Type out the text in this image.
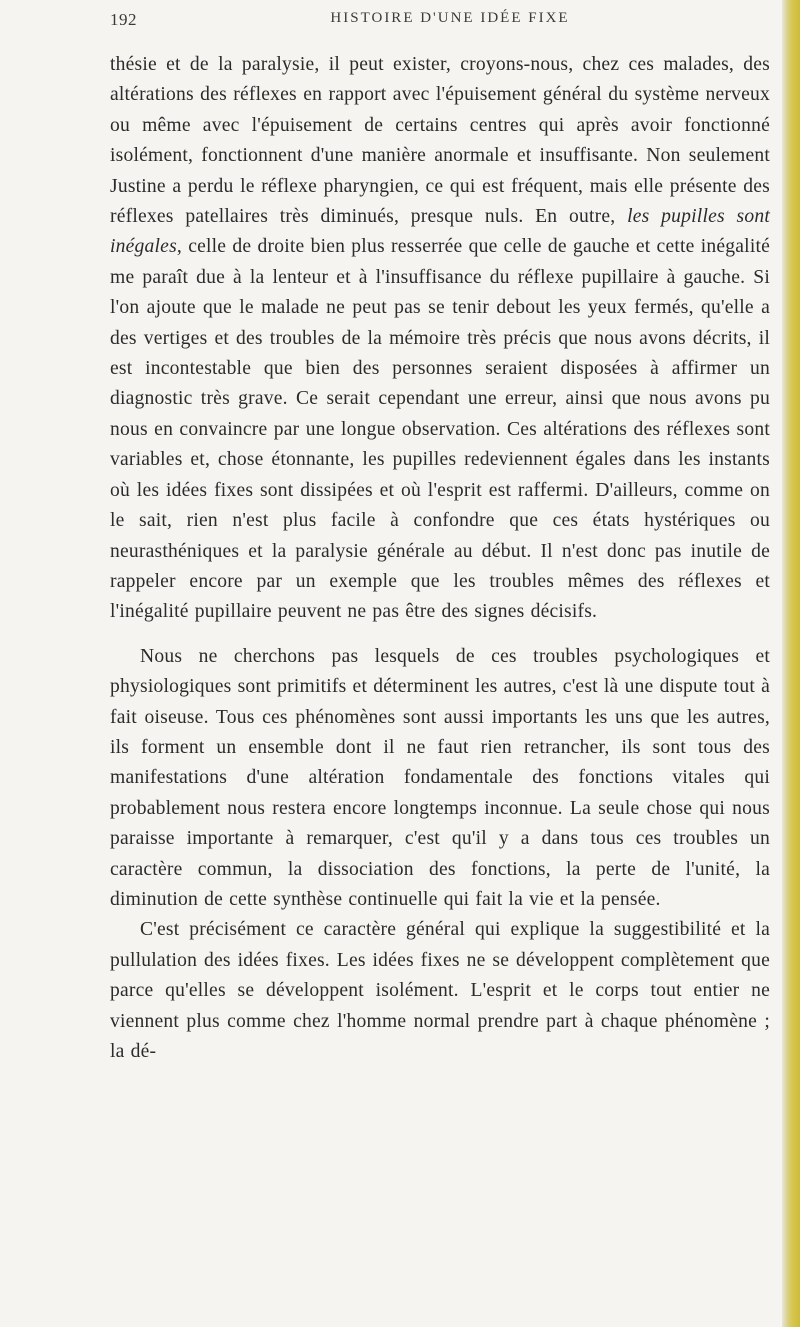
192	HISTOIRE D'UNE IDÉE FIXE

thésie et de la paralysie, il peut exister, croyons-nous, chez ces malades, des altérations des réflexes en rapport avec l'épuisement général du système nerveux ou même avec l'épuisement de certains centres qui après avoir fonctionné isolément, fonctionnent d'une manière anormale et insuffisante. Non seulement Justine a perdu le réflexe pharyngien, ce qui est fréquent, mais elle présente des réflexes patellaires très diminués, presque nuls. En outre, les pupilles sont inégales, celle de droite bien plus resserrée que celle de gauche et cette inégalité me paraît due à la lenteur et à l'insuffisance du réflexe pupillaire à gauche. Si l'on ajoute que le malade ne peut pas se tenir debout les yeux fermés, qu'elle a des vertiges et des troubles de la mémoire très précis que nous avons décrits, il est incontestable que bien des personnes seraient disposées à affirmer un diagnostic très grave. Ce serait cependant une erreur, ainsi que nous avons pu nous en convaincre par une longue observation. Ces altérations des réflexes sont variables et, chose étonnante, les pupilles redeviennent égales dans les instants où les idées fixes sont dissipées et où l'esprit est raffermi. D'ailleurs, comme on le sait, rien n'est plus facile à confondre que ces états hystériques ou neurasthéniques et la paralysie générale au début. Il n'est donc pas inutile de rappeler encore par un exemple que les troubles mêmes des réflexes et l'inégalité pupillaire peuvent ne pas être des signes décisifs.

Nous ne cherchons pas lesquels de ces troubles psychologiques et physiologiques sont primitifs et déterminent les autres, c'est là une dispute tout à fait oiseuse. Tous ces phénomènes sont aussi importants les uns que les autres, ils forment un ensemble dont il ne faut rien retrancher, ils sont tous des manifestations d'une altération fondamentale des fonctions vitales qui probablement nous restera encore longtemps inconnue. La seule chose qui nous paraisse importante à remarquer, c'est qu'il y a dans tous ces troubles un caractère commun, la dissociation des fonctions, la perte de l'unité, la diminution de cette synthèse continuelle qui fait la vie et la pensée.

C'est précisément ce caractère général qui explique la suggestibilité et la pullulation des idées fixes. Les idées fixes ne se développent complètement que parce qu'elles se développent isolément. L'esprit et le corps tout entier ne viennent plus comme chez l'homme normal prendre part à chaque phénomène ; la dé-
